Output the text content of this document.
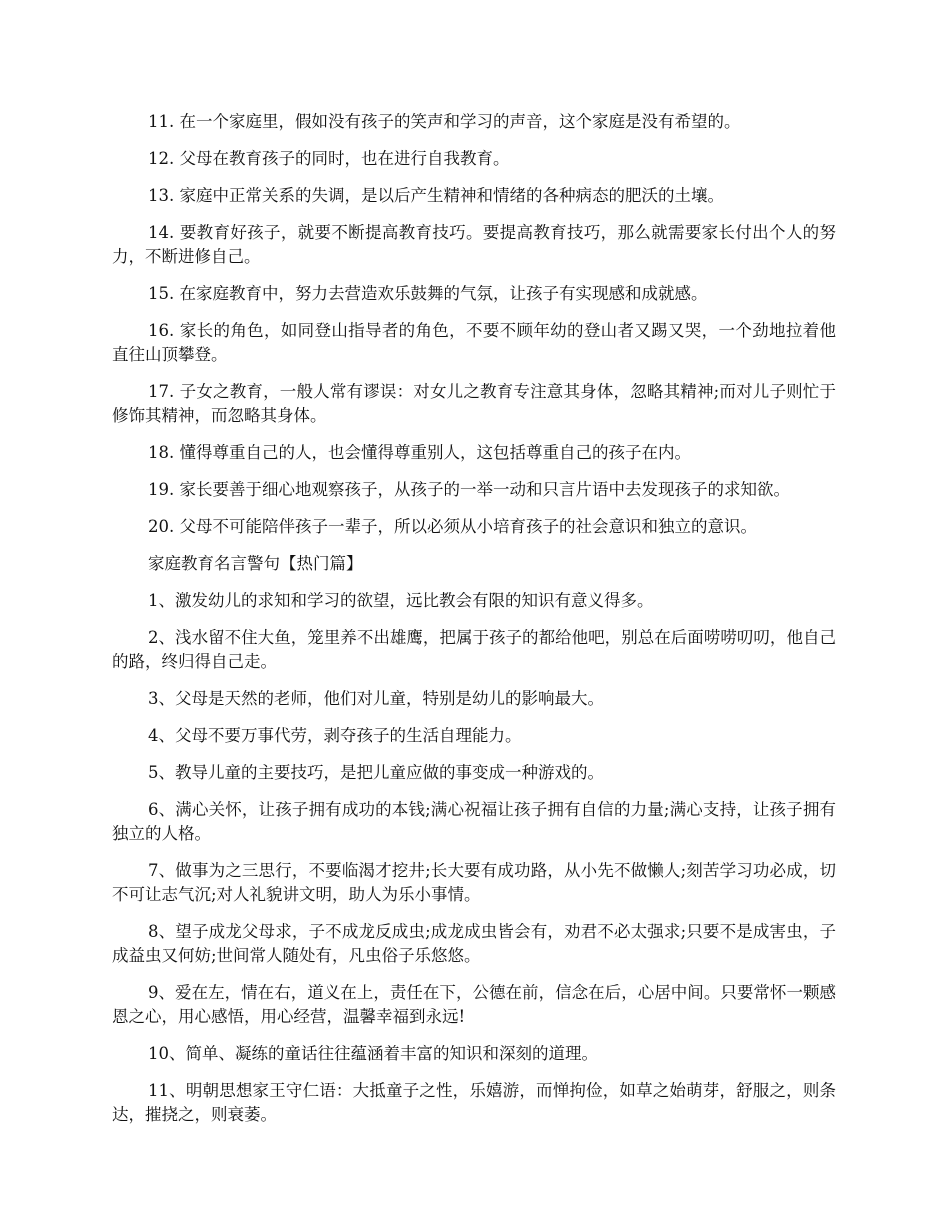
11. 在一个家庭里，假如没有孩子的笑声和学习的声音，这个家庭是没有希望的。

12. 父母在教育孩子的同时，也在进行自我教育。

13. 家庭中正常关系的失调，是以后产生精神和情绪的各种病态的肥沃的土壤。

14. 要教育好孩子，就要不断提高教育技巧。要提高教育技巧，那么就需要家长付出个人的努力，不断进修自己。

15. 在家庭教育中，努力去营造欢乐鼓舞的气氛，让孩子有实现感和成就感。

16. 家长的角色，如同登山指导者的角色，不要不顾年幼的登山者又踢又哭，一个劲地拉着他直往山顶攀登。

17. 子女之教育，一般人常有谬误：对女儿之教育专注意其身体，忽略其精神;而对儿子则忙于修饰其精神，而忽略其身体。

18. 懂得尊重自己的人，也会懂得尊重别人，这包括尊重自己的孩子在内。

19. 家长要善于细心地观察孩子，从孩子的一举一动和只言片语中去发现孩子的求知欲。

20. 父母不可能陪伴孩子一辈子，所以必须从小培育孩子的社会意识和独立的意识。

家庭教育名言警句【热门篇】

1、激发幼儿的求知和学习的欲望，远比教会有限的知识有意义得多。

2、浅水留不住大鱼，笼里养不出雄鹰，把属于孩子的都给他吧，别总在后面唠唠叨叨，他自己的路，终归得自己走。

3、父母是天然的老师，他们对儿童，特别是幼儿的影响最大。

4、父母不要万事代劳，剥夺孩子的生活自理能力。

5、教导儿童的主要技巧，是把儿童应做的事变成一种游戏的。

6、满心关怀，让孩子拥有成功的本钱;满心祝福让孩子拥有自信的力量;满心支持，让孩子拥有独立的人格。

7、做事为之三思行，不要临渴才挖井;长大要有成功路，从小先不做懒人;刻苦学习功必成，切不可让志气沉;对人礼貌讲文明，助人为乐小事情。

8、望子成龙父母求，子不成龙反成虫;成龙成虫皆会有，劝君不必太强求;只要不是成害虫，子成益虫又何妨;世间常人随处有，凡虫俗子乐悠悠。

9、爱在左，情在右，道义在上，责任在下，公德在前，信念在后，心居中间。只要常怀一颗感恩之心，用心感悟，用心经营，温馨幸福到永远!

10、简单、凝练的童话往往蕴涵着丰富的知识和深刻的道理。

11、明朝思想家王守仁语：大抵童子之性，乐嬉游，而惮拘俭，如草之始萌芽，舒服之，则条达，摧挠之，则衰萎。
